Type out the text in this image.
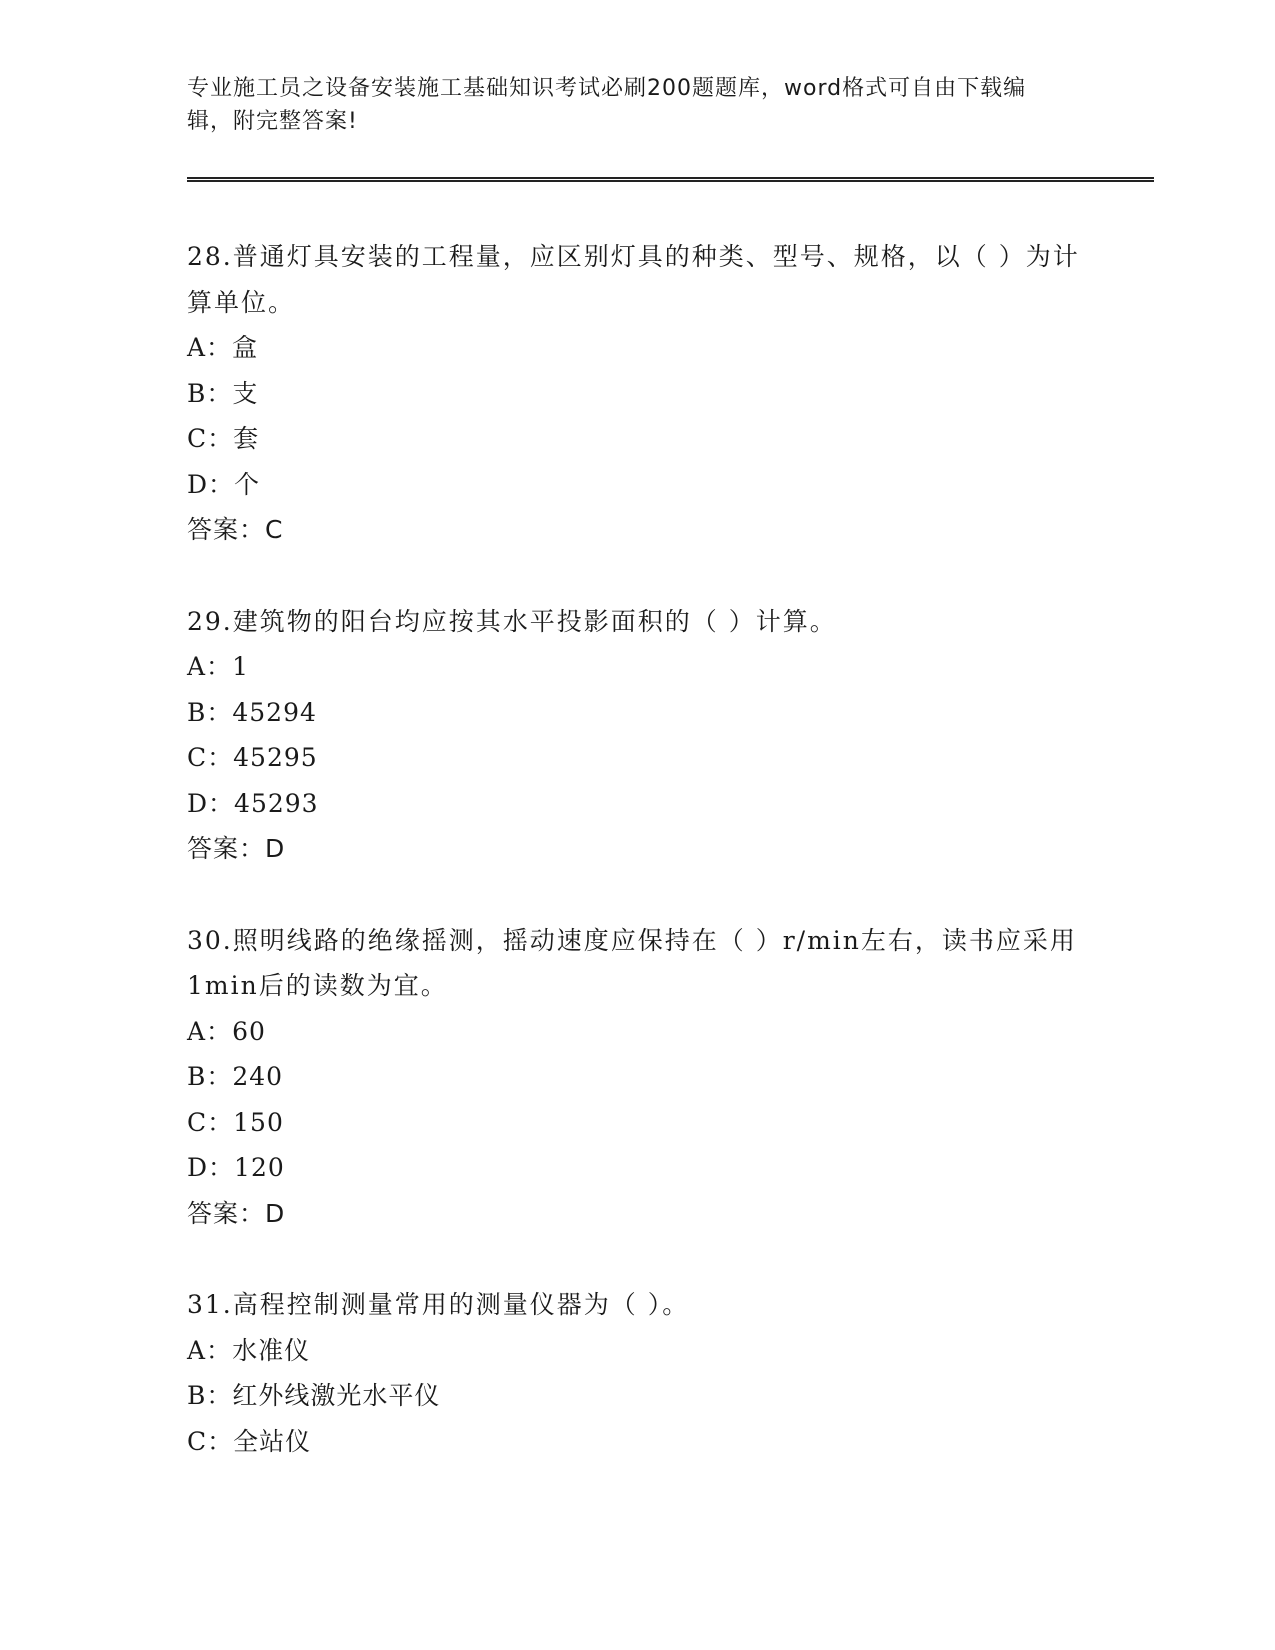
专业施工员之设备安装施工基础知识考试必刷200题题库，word格式可自由下载编辑，附完整答案!
28.普通灯具安装的工程量，应区别灯具的种类、型号、规格，以（ ）为计算单位。
A：盒
B：支
C：套
D：个
答案：C
29.建筑物的阳台均应按其水平投影面积的（ ）计算。
A：1
B：45294
C：45295
D：45293
答案：D
30.照明线路的绝缘摇测，摇动速度应保持在（ ）r/min左右，读书应采用1min后的读数为宜。
A：60
B：240
C：150
D：120
答案：D
31.高程控制测量常用的测量仪器为（ ）。
A：水准仪
B：红外线激光水平仪
C：全站仪
